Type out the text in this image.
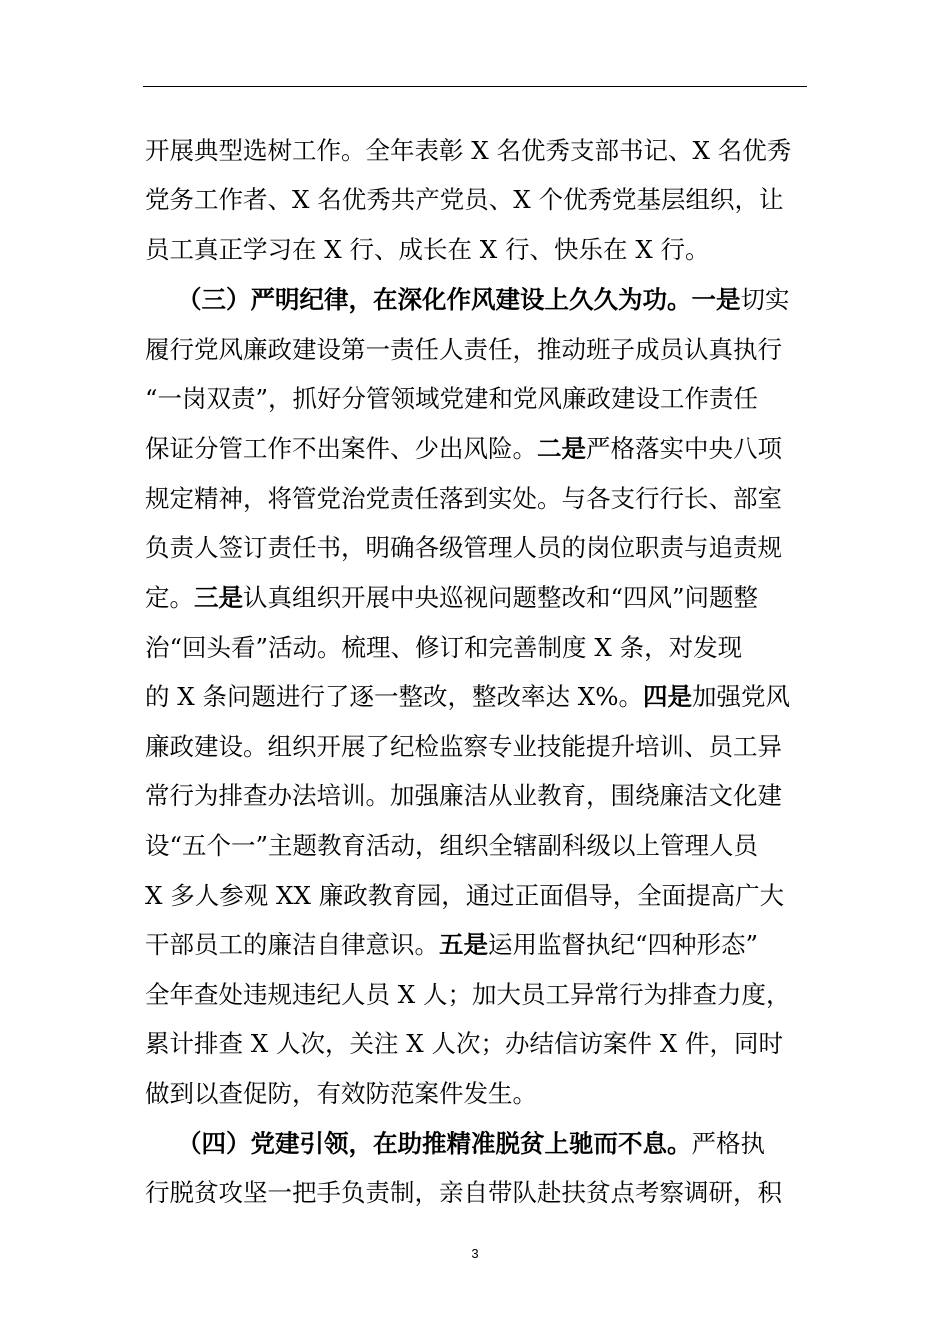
开展典型选树工作。全年表彰 X 名优秀支部书记、X 名优秀
党务工作者、X 名优秀共产党员、X 个优秀党基层组织，让
员工真正学习在 X 行、成长在 X 行、快乐在 X 行。
（三）严明纪律，在深化作风建设上久久为功。一是切实
履行党风廉政建设第一责任人责任，推动班子成员认真执行
“一岗双责”，抓好分管领域党建和党风廉政建设工作责任
保证分管工作不出案件、少出风险。二是严格落实中央八项
规定精神，将管党治党责任落到实处。与各支行行长、部室
负责人签订责任书，明确各级管理人员的岗位职责与追责规
定。三是认真组织开展中央巡视问题整改和“四风”问题整
治“回头看”活动。梳理、修订和完善制度 X 条，对发现
的 X 条问题进行了逐一整改，整改率达 X%。四是加强党风
廉政建设。组织开展了纪检监察专业技能提升培训、员工异
常行为排查办法培训。加强廉洁从业教育，围绕廉洁文化建
设“五个一”主题教育活动，组织全辖副科级以上管理人员
X 多人参观 XX 廉政教育园，通过正面倡导，全面提高广大
干部员工的廉洁自律意识。五是运用监督执纪“四种形态”
全年查处违规违纪人员 X 人；加大员工异常行为排查力度，
累计排查 X 人次，关注 X 人次；办结信访案件 X 件，同时
做到以查促防，有效防范案件发生。
（四）党建引领，在助推精准脱贫上驰而不息。严格执
行脱贫攻坚一把手负责制，亲自带队赴扶贫点考察调研，积
3
